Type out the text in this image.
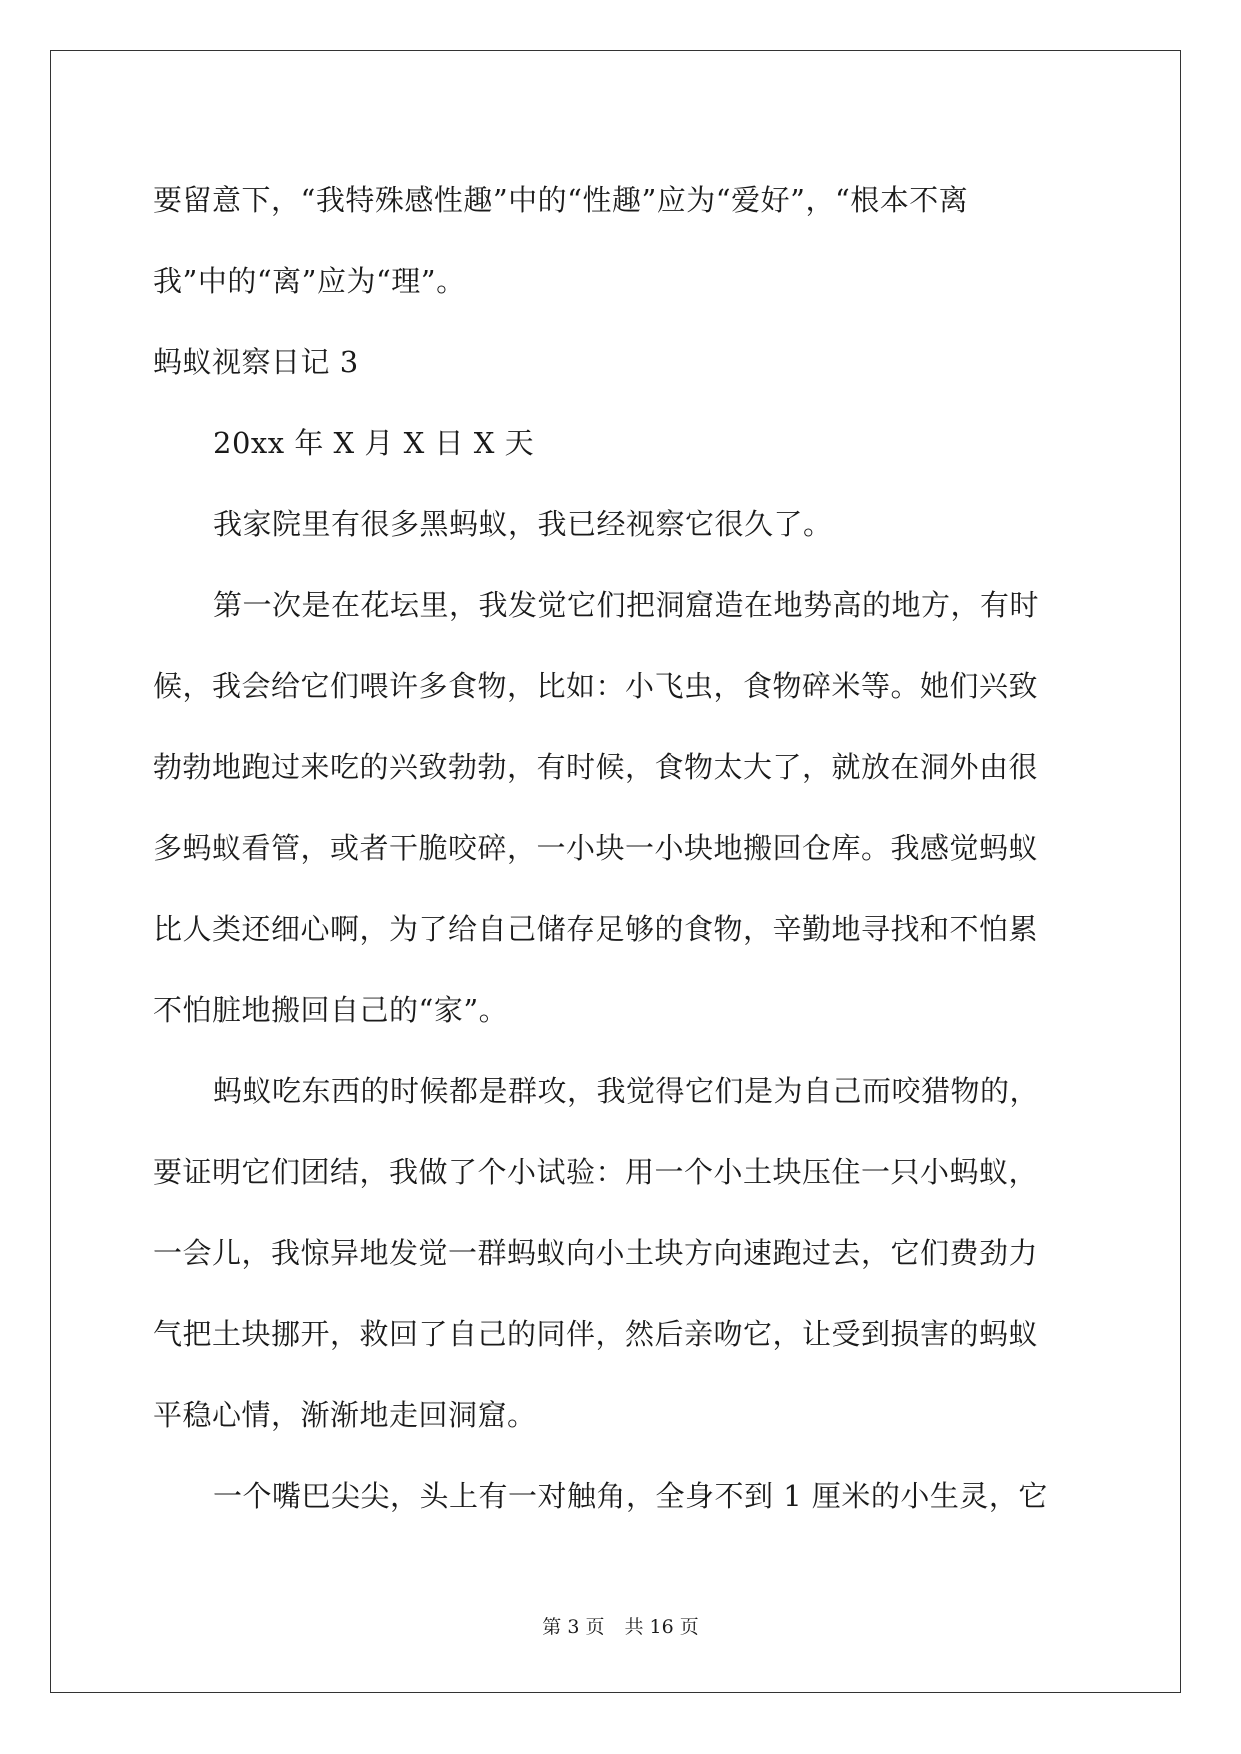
要留意下，“我特殊感性趣”中的“性趣”应为“爱好”，“根本不离
我”中的“离”应为“理”。
蚂蚁视察日记 3
20xx 年 X 月 X 日 X 天
我家院里有很多黑蚂蚁，我已经视察它很久了。
第一次是在花坛里，我发觉它们把洞窟造在地势高的地方，有时
候，我会给它们喂许多食物，比如：小飞虫，食物碎米等。她们兴致
勃勃地跑过来吃的兴致勃勃，有时候，食物太大了，就放在洞外由很
多蚂蚁看管，或者干脆咬碎，一小块一小块地搬回仓库。我感觉蚂蚁
比人类还细心啊，为了给自己储存足够的食物，辛勤地寻找和不怕累
不怕脏地搬回自己的“家”。
蚂蚁吃东西的时候都是群攻，我觉得它们是为自己而咬猎物的，
要证明它们团结，我做了个小试验：用一个小土块压住一只小蚂蚁，
一会儿，我惊异地发觉一群蚂蚁向小土块方向速跑过去，它们费劲力
气把土块挪开，救回了自己的同伴，然后亲吻它，让受到损害的蚂蚁
平稳心情，渐渐地走回洞窟。
一个嘴巴尖尖，头上有一对触角，全身不到 1 厘米的小生灵，它
第 3 页 共 16 页
